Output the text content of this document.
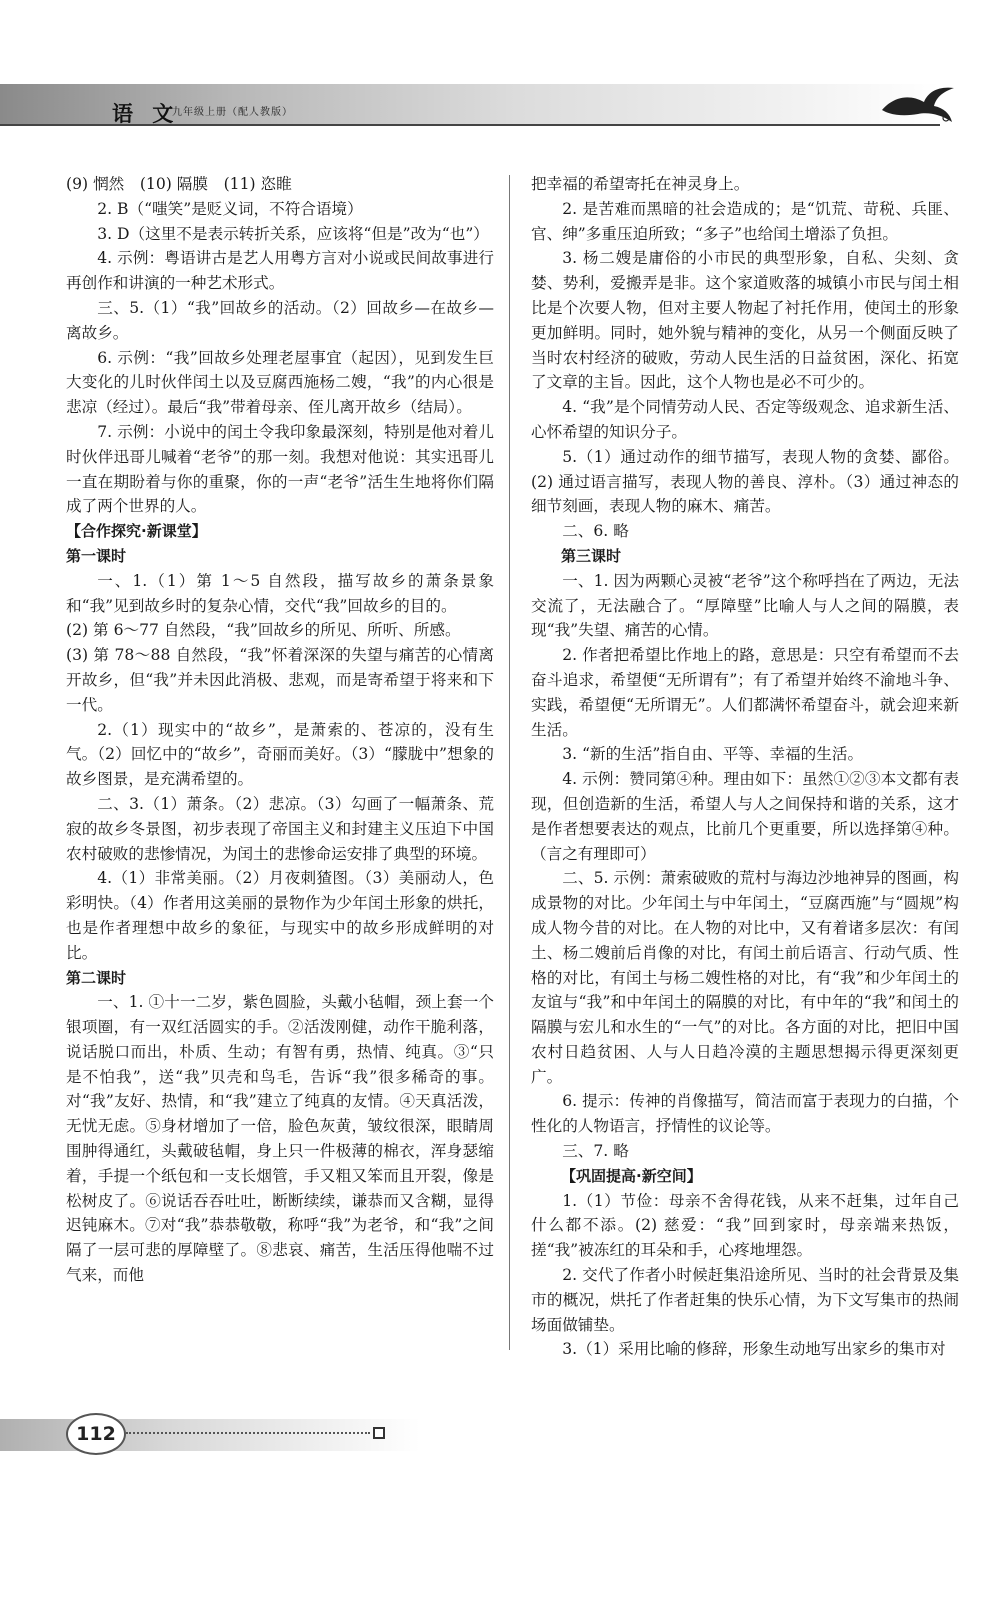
语 文
九年级上册（配人教版）

(9) 惘然　(10) 隔膜　(11) 恣睢

2. B（“嗤笑”是贬义词，不符合语境）

3. D（这里不是表示转折关系，应该将“但是”改为“也”）

4. 示例：粤语讲古是艺人用粤方言对小说或民间故事进行再创作和讲演的一种艺术形式。

三、5.（1）“我”回故乡的活动。（2）回故乡—在故乡—离故乡。

6. 示例：“我”回故乡处理老屋事宜（起因），见到发生巨大变化的儿时伙伴闰土以及豆腐西施杨二嫂，“我”的内心很是悲凉（经过）。最后“我”带着母亲、侄儿离开故乡（结局）。

7. 示例：小说中的闰土令我印象最深刻，特别是他对着儿时伙伴迅哥儿喊着“老爷”的那一刻。我想对他说：其实迅哥儿一直在期盼着与你的重聚，你的一声“老爷”活生生地将你们隔成了两个世界的人。

【合作探究·新课堂】

第一课时

一、1.（1）第 1～5 自然段，描写故乡的萧条景象和“我”见到故乡时的复杂心情，交代“我”回故乡的目的。

(2) 第 6～77 自然段，“我”回故乡的所见、所听、所感。

(3) 第 78～88 自然段，“我”怀着深深的失望与痛苦的心情离开故乡，但“我”并未因此消极、悲观，而是寄希望于将来和下一代。

2.（1）现实中的“故乡”，是萧索的、苍凉的，没有生气。（2）回忆中的“故乡”，奇丽而美好。（3）“朦胧中”想象的故乡图景，是充满希望的。

二、3.（1）萧条。（2）悲凉。（3）勾画了一幅萧条、荒寂的故乡冬景图，初步表现了帝国主义和封建主义压迫下中国农村破败的悲惨情况，为闰土的悲惨命运安排了典型的环境。

4.（1）非常美丽。（2）月夜刺猹图。（3）美丽动人，色彩明快。（4）作者用这美丽的景物作为少年闰土形象的烘托，也是作者理想中故乡的象征，与现实中的故乡形成鲜明的对比。

第二课时

一、1. ①十一二岁，紫色圆脸，头戴小毡帽，颈上套一个银项圈，有一双红活圆实的手。②活泼刚健，动作干脆利落，说话脱口而出，朴质、生动；有智有勇，热情、纯真。③“只是不怕我”，送“我”贝壳和鸟毛，告诉“我”很多稀奇的事。对“我”友好、热情，和“我”建立了纯真的友情。④天真活泼，无忧无虑。⑤身材增加了一倍，脸色灰黄，皱纹很深，眼睛周围肿得通红，头戴破毡帽，身上只一件极薄的棉衣，浑身瑟缩着，手提一个纸包和一支长烟管，手又粗又笨而且开裂，像是松树皮了。⑥说话吞吞吐吐，断断续续，谦恭而又含糊，显得迟钝麻木。⑦对“我”恭恭敬敬，称呼“我”为老爷，和“我”之间隔了一层可悲的厚障壁了。⑧悲哀、痛苦，生活压得他喘不过气来，而他

把幸福的希望寄托在神灵身上。

2. 是苦难而黑暗的社会造成的；是“饥荒、苛税、兵匪、官、绅”多重压迫所致；“多子”也给闰土增添了负担。

3. 杨二嫂是庸俗的小市民的典型形象，自私、尖刻、贪婪、势利，爱搬弄是非。这个家道败落的城镇小市民与闰土相比是个次要人物，但对主要人物起了衬托作用，使闰土的形象更加鲜明。同时，她外貌与精神的变化，从另一个侧面反映了当时农村经济的破败，劳动人民生活的日益贫困，深化、拓宽了文章的主旨。因此，这个人物也是必不可少的。

4. “我”是个同情劳动人民、否定等级观念、追求新生活、心怀希望的知识分子。

5.（1）通过动作的细节描写，表现人物的贪婪、鄙俗。(2) 通过语言描写，表现人物的善良、淳朴。（3）通过神态的细节刻画，表现人物的麻木、痛苦。

二、6. 略

第三课时

一、1. 因为两颗心灵被“老爷”这个称呼挡在了两边，无法交流了，无法融合了。“厚障壁”比喻人与人之间的隔膜，表现“我”失望、痛苦的心情。

2. 作者把希望比作地上的路，意思是：只空有希望而不去奋斗追求，希望便“无所谓有”；有了希望并始终不渝地斗争、实践，希望便“无所谓无”。人们都满怀希望奋斗，就会迎来新生活。

3. “新的生活”指自由、平等、幸福的生活。

4. 示例：赞同第④种。理由如下：虽然①②③本文都有表现，但创造新的生活，希望人与人之间保持和谐的关系，这才是作者想要表达的观点，比前几个更重要，所以选择第④种。（言之有理即可）

二、5. 示例：萧索破败的荒村与海边沙地神异的图画，构成景物的对比。少年闰土与中年闰土，“豆腐西施”与“圆规”构成人物今昔的对比。在人物的对比中，又有着诸多层次：有闰土、杨二嫂前后肖像的对比，有闰土前后语言、行动气质、性格的对比，有闰土与杨二嫂性格的对比，有“我”和少年闰土的友谊与“我”和中年闰土的隔膜的对比，有中年的“我”和闰土的隔膜与宏儿和水生的“一气”的对比。各方面的对比，把旧中国农村日趋贫困、人与人日趋冷漠的主题思想揭示得更深刻更广。

6. 提示：传神的肖像描写，简洁而富于表现力的白描，个性化的人物语言，抒情性的议论等。

三、7. 略

【巩固提高·新空间】

1.（1）节俭：母亲不舍得花钱，从来不赶集，过年自己什么都不添。(2) 慈爱：“我”回到家时，母亲端来热饭，搓“我”被冻红的耳朵和手，心疼地埋怨。

2. 交代了作者小时候赶集沿途所见、当时的社会背景及集市的概况，烘托了作者赶集的快乐心情，为下文写集市的热闹场面做铺垫。

3.（1）采用比喻的修辞，形象生动地写出家乡的集市对

112
